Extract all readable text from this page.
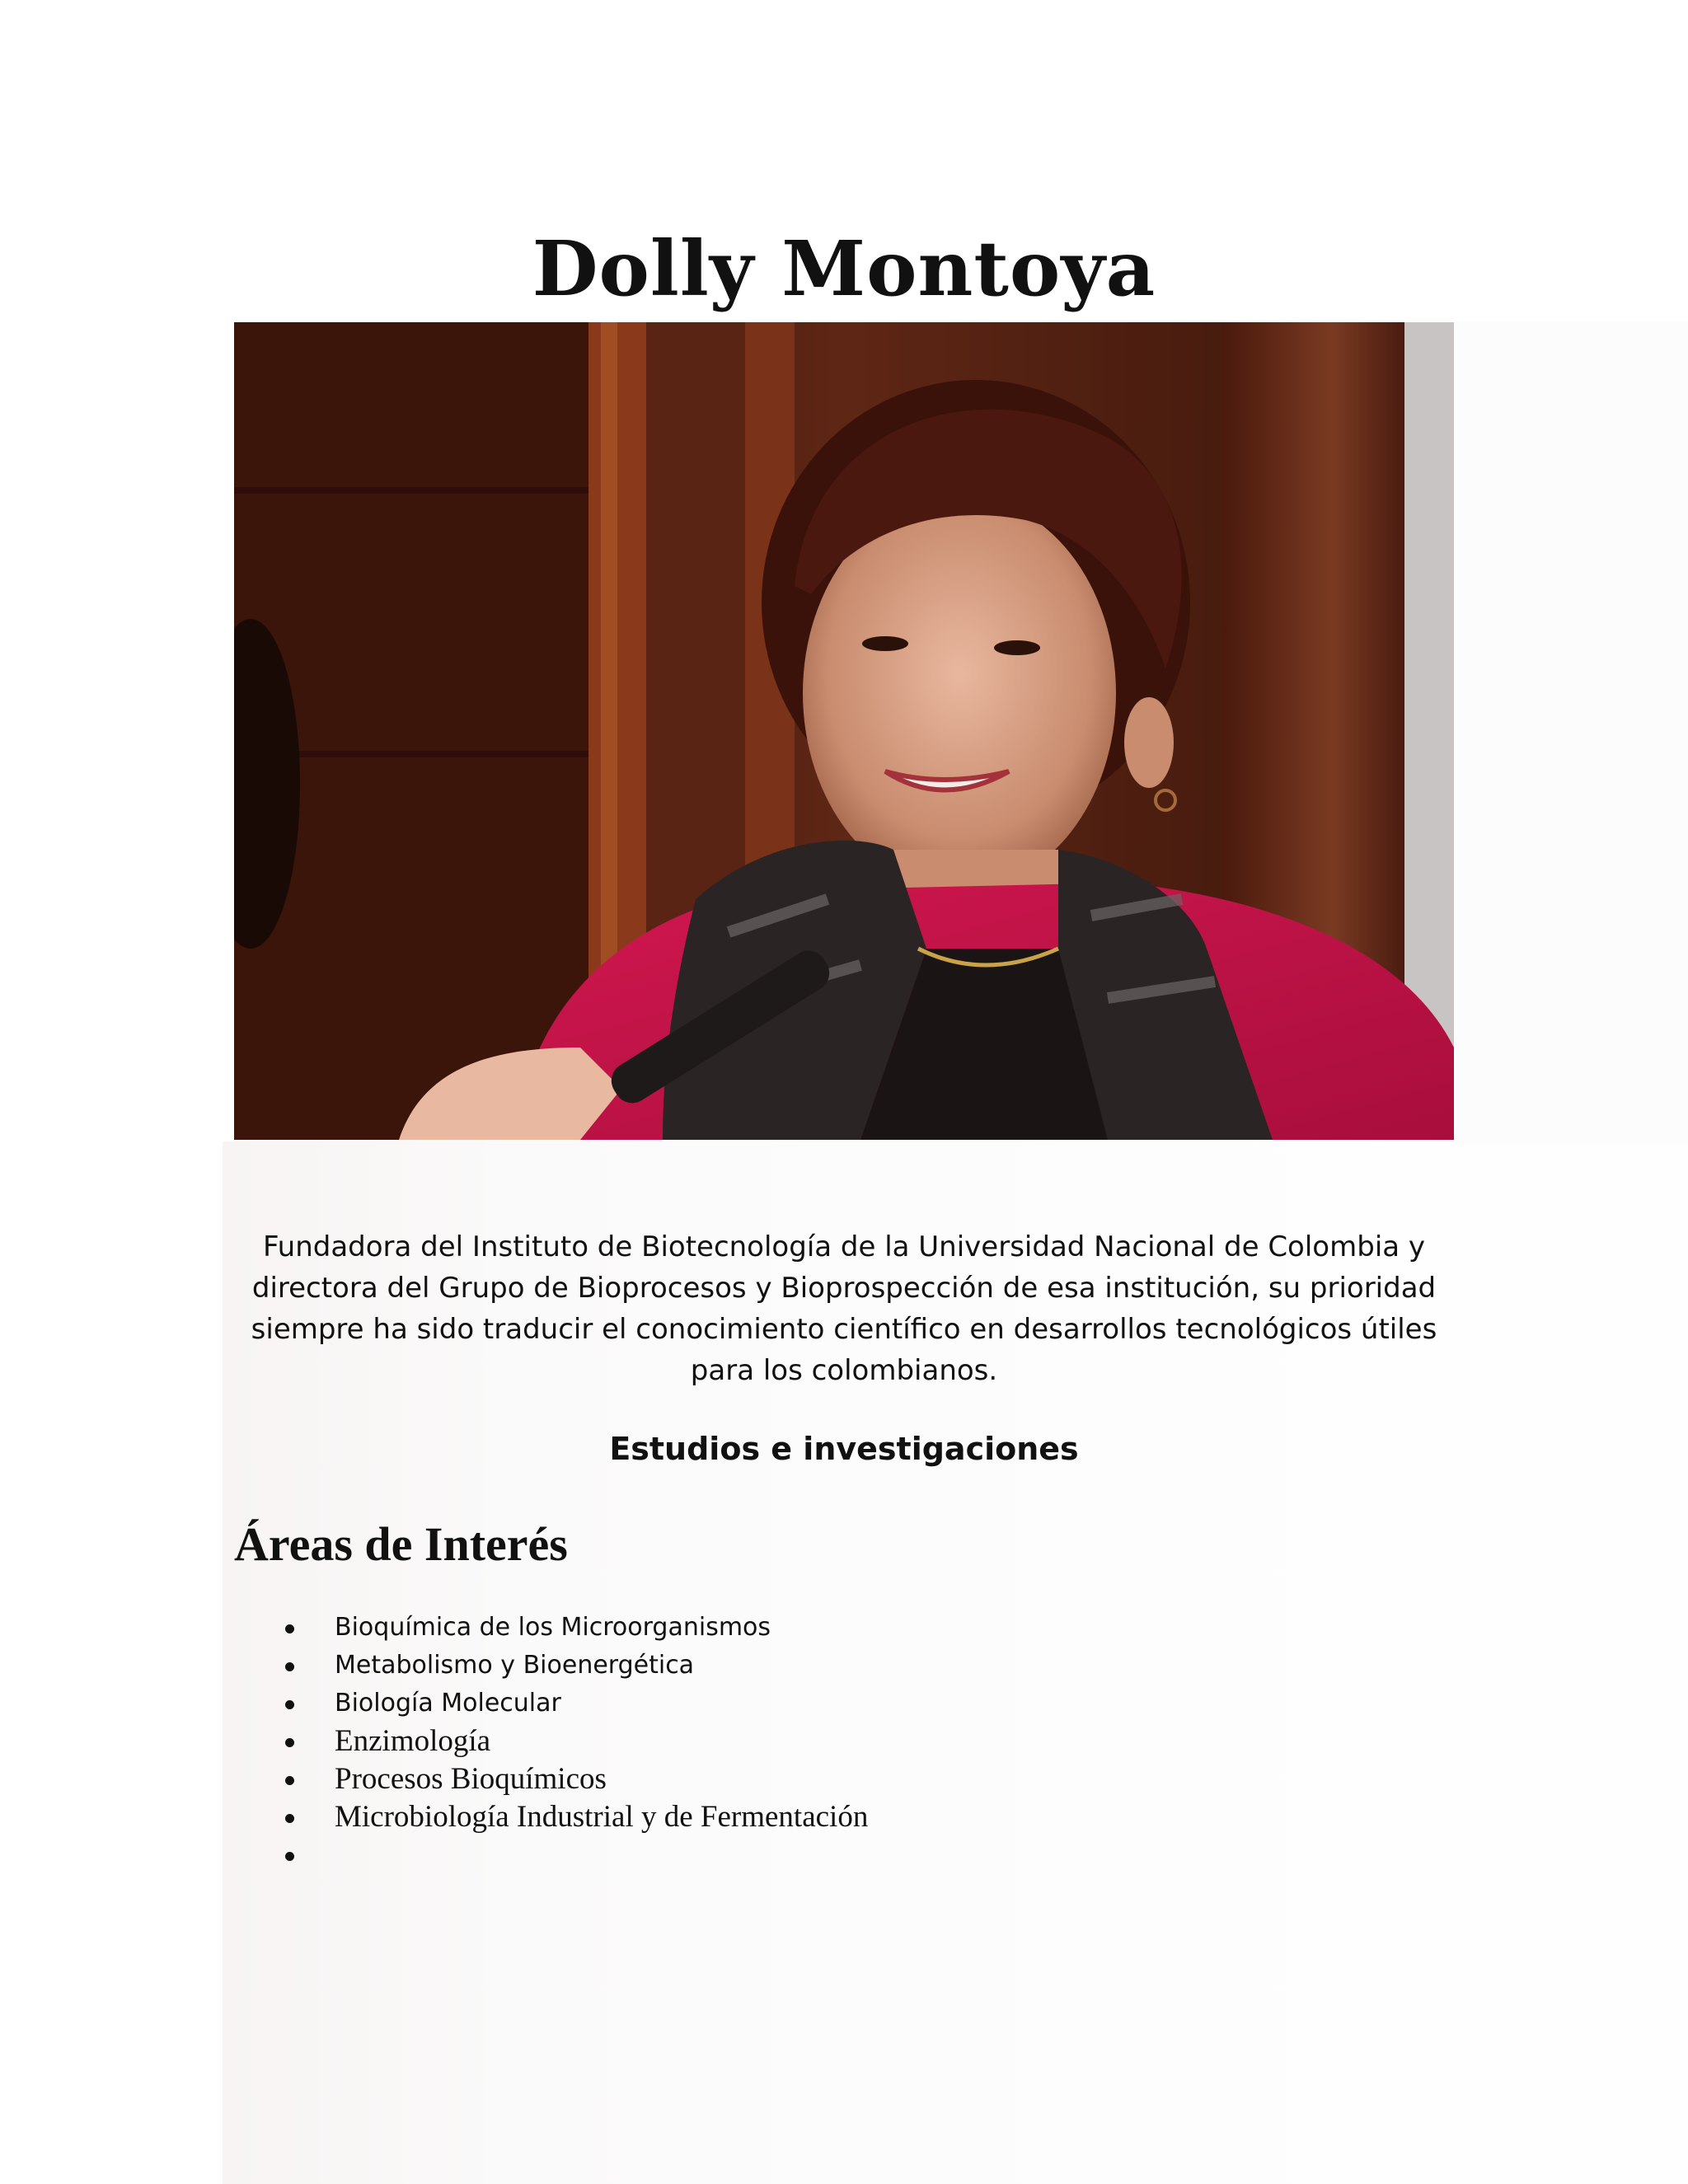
Dolly Montoya

Fundadora del Instituto de Biotecnología de la Universidad Nacional de Colombia y directora del Grupo de Bioprocesos y Bioprospección de esa institución, su prioridad siempre ha sido traducir el conocimiento científico en desarrollos tecnológicos útiles para los colombianos.

Estudios e investigaciones
Áreas de Interés
Bioquímica de los Microorganismos
Metabolismo y Bioenergética
Biología Molecular
Enzimología
Procesos Bioquímicos
Microbiología Industrial y de Fermentación
